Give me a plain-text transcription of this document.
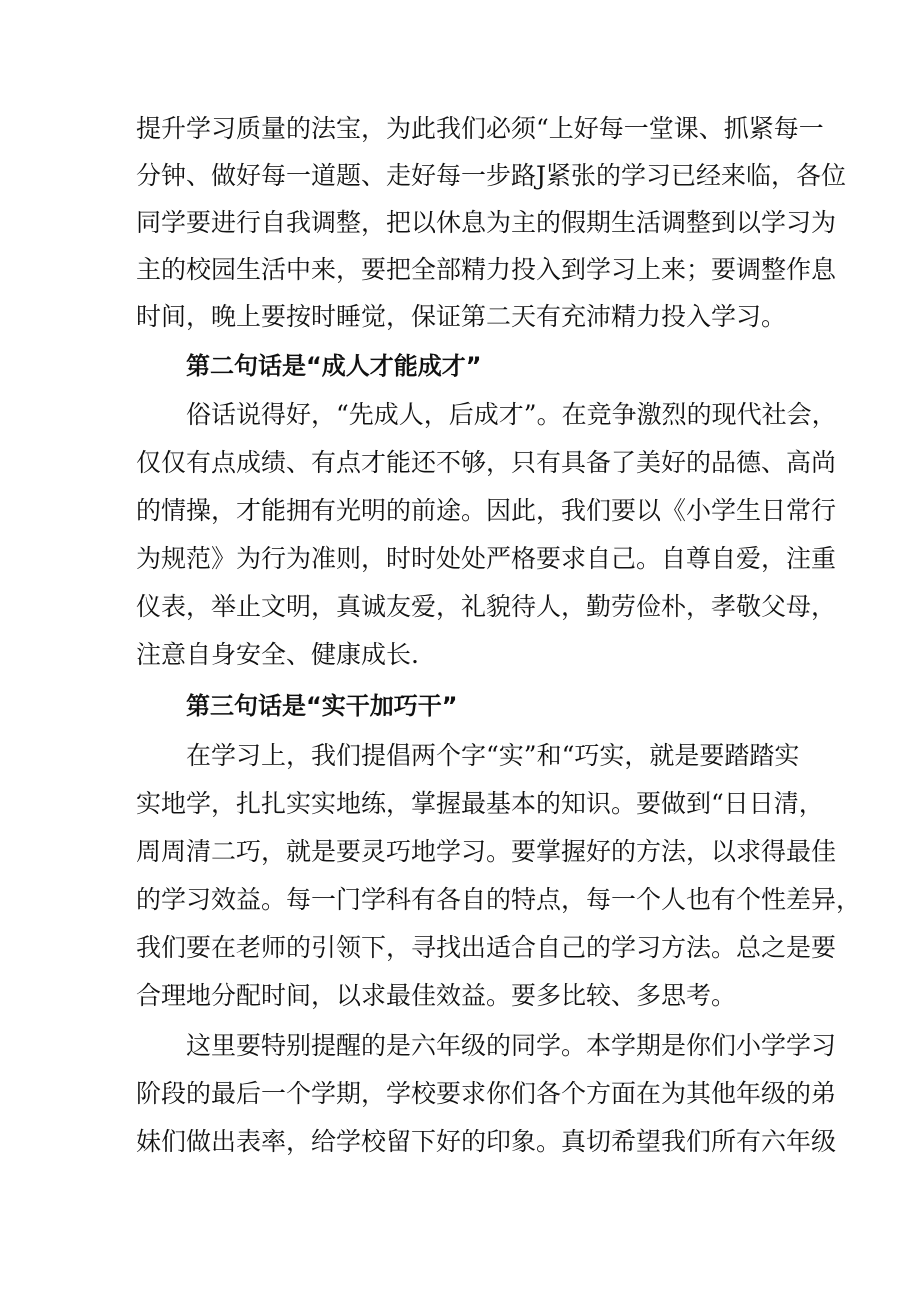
提升学习质量的法宝，为此我们必须“上好每一堂课、抓紧每一

分钟、做好每一道题、走好每一步路J紧张的学习已经来临，各位

同学要进行自我调整，把以休息为主的假期生活调整到以学习为

主的校园生活中来，要把全部精力投入到学习上来；要调整作息

时间，晚上要按时睡觉，保证第二天有充沛精力投入学习。

第二句话是“成人才能成才”

俗话说得好，“先成人，后成才”。在竞争激烈的现代社会，

仅仅有点成绩、有点才能还不够，只有具备了美好的品德、高尚

的情操，才能拥有光明的前途。因此，我们要以《小学生日常行

为规范》为行为准则，时时处处严格要求自己。自尊自爱，注重

仪表，举止文明，真诚友爱，礼貌待人，勤劳俭朴，孝敬父母，

注意自身安全、健康成长.

第三句话是“实干加巧干”

在学习上，我们提倡两个字“实”和“巧实，就是要踏踏实

实地学，扎扎实实地练，掌握最基本的知识。要做到“日日清，

周周清二巧，就是要灵巧地学习。要掌握好的方法，以求得最佳

的学习效益。每一门学科有各自的特点，每一个人也有个性差异，

我们要在老师的引领下，寻找出适合自己的学习方法。总之是要

合理地分配时间，以求最佳效益。要多比较、多思考。

这里要特别提醒的是六年级的同学。本学期是你们小学学习

阶段的最后一个学期，学校要求你们各个方面在为其他年级的弟

妹们做出表率，给学校留下好的印象。真切希望我们所有六年级
